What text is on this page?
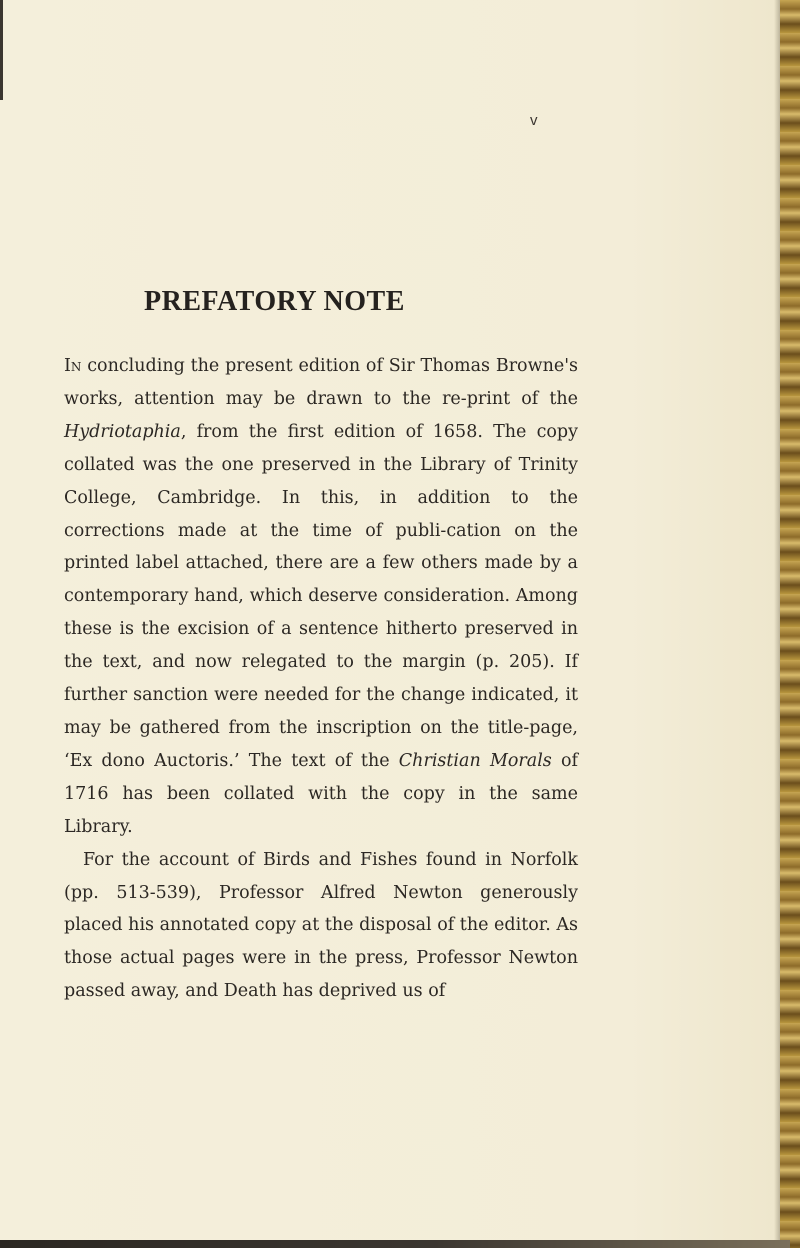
v
PREFATORY NOTE

In concluding the present edition of Sir Thomas Browne's works, attention may be drawn to the re-print of the Hydriotaphia, from the first edition of 1658. The copy collated was the one preserved in the Library of Trinity College, Cambridge. In this, in addition to the corrections made at the time of publi-cation on the printed label attached, there are a few others made by a contemporary hand, which deserve consideration. Among these is the excision of a sentence hitherto preserved in the text, and now relegated to the margin (p. 205). If further sanction were needed for the change indicated, it may be gathered from the inscription on the title-page, ‘Ex dono Auctoris.’ The text of the Christian Morals of 1716 has been collated with the copy in the same Library.

For the account of Birds and Fishes found in Norfolk (pp. 513-539), Professor Alfred Newton generously placed his annotated copy at the disposal of the editor. As those actual pages were in the press, Professor Newton passed away, and Death has deprived us of
